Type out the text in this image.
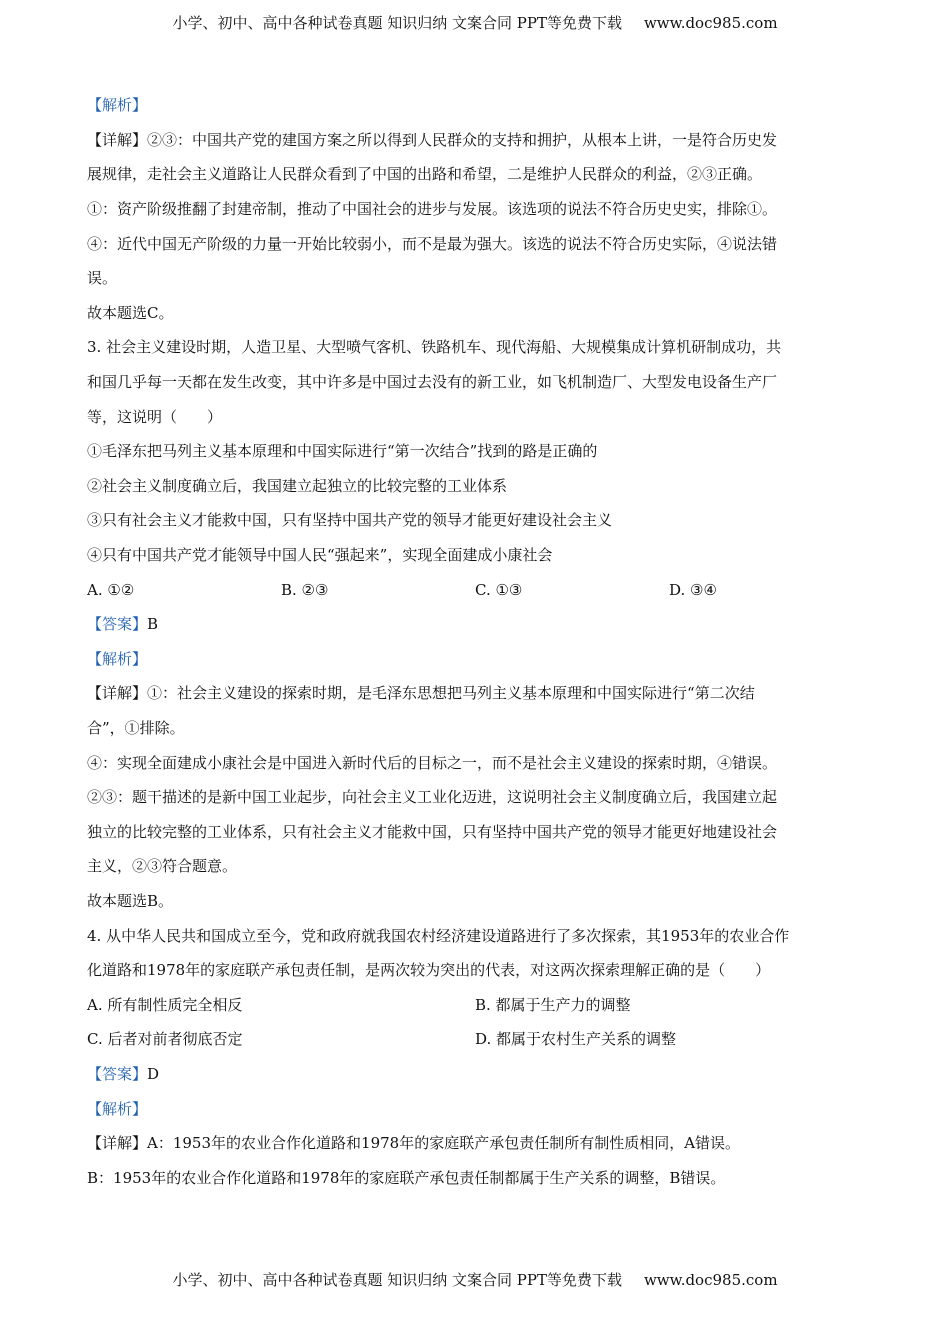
小学、初中、高中各种试卷真题 知识归纳 文案合同 PPT等免费下载 www.doc985.com
【解析】
【详解】 ②③：中国共产党的建国方案之所以得到人民群众的支持和拥护，从根本上讲，一是符合历史发
展规律，走社会主义道路让人民群众看到了中国的出路和希望，二是维护人民群众的利益，②③正确。
①：资产阶级推翻了封建帝制，推动了中国社会的进步与发展。该选项的说法不符合历史史实，排除①。
④：近代中国无产阶级的力量一开始比较弱小，而不是最为强大。该选的说法不符合历史实际，④说法错
误。
故本题选C。
3. 社会主义建设时期，人造卫星、大型喷气客机、铁路机车、现代海船、大规模集成计算机研制成功，共
和国几乎每一天都在发生改变，其中许多是中国过去没有的新工业，如飞机制造厂、大型发电设备生产厂
等，这说明（　　）
①毛泽东把马列主义基本原理和中国实际进行“第一次结合”找到的路是正确的
②社会主义制度确立后，我国建立起独立的比较完整的工业体系
③只有社会主义才能救中国，只有坚持中国共产党的领导才能更好建设社会主义
④只有中国共产党才能领导中国人民“强起来”，实现全面建成小康社会
A. ①②	B. ②③	C. ①③	D. ③④
【答案】 B
【解析】
【详解】 ①：社会主义建设的探索时期，是毛泽东思想把马列主义基本原理和中国实际进行“第二次结
合”，①排除。
④：实现全面建成小康社会是中国进入新时代后的目标之一，而不是社会主义建设的探索时期，④错误。
②③：题干描述的是新中国工业起步，向社会主义工业化迈进，这说明社会主义制度确立后，我国建立起
独立的比较完整的工业体系，只有社会主义才能救中国，只有坚持中国共产党的领导才能更好地建设社会
主义，②③符合题意。
故本题选B。
4. 从中华人民共和国成立至今，党和政府就我国农村经济建设道路进行了多次探索，其1953年的农业合作
化道路和1978年的家庭联产承包责任制，是两次较为突出的代表，对这两次探索理解正确的是（　　）
A. 所有制性质完全相反	B. 都属于生产力的调整
C. 后者对前者彻底否定	D. 都属于农村生产关系的调整
【答案】 D
【解析】
【详解】 A：1953年的农业合作化道路和1978年的家庭联产承包责任制所有制性质相同，A错误。
B：1953年的农业合作化道路和1978年的家庭联产承包责任制都属于生产关系的调整，B错误。
小学、初中、高中各种试卷真题 知识归纳 文案合同 PPT等免费下载 www.doc985.com
